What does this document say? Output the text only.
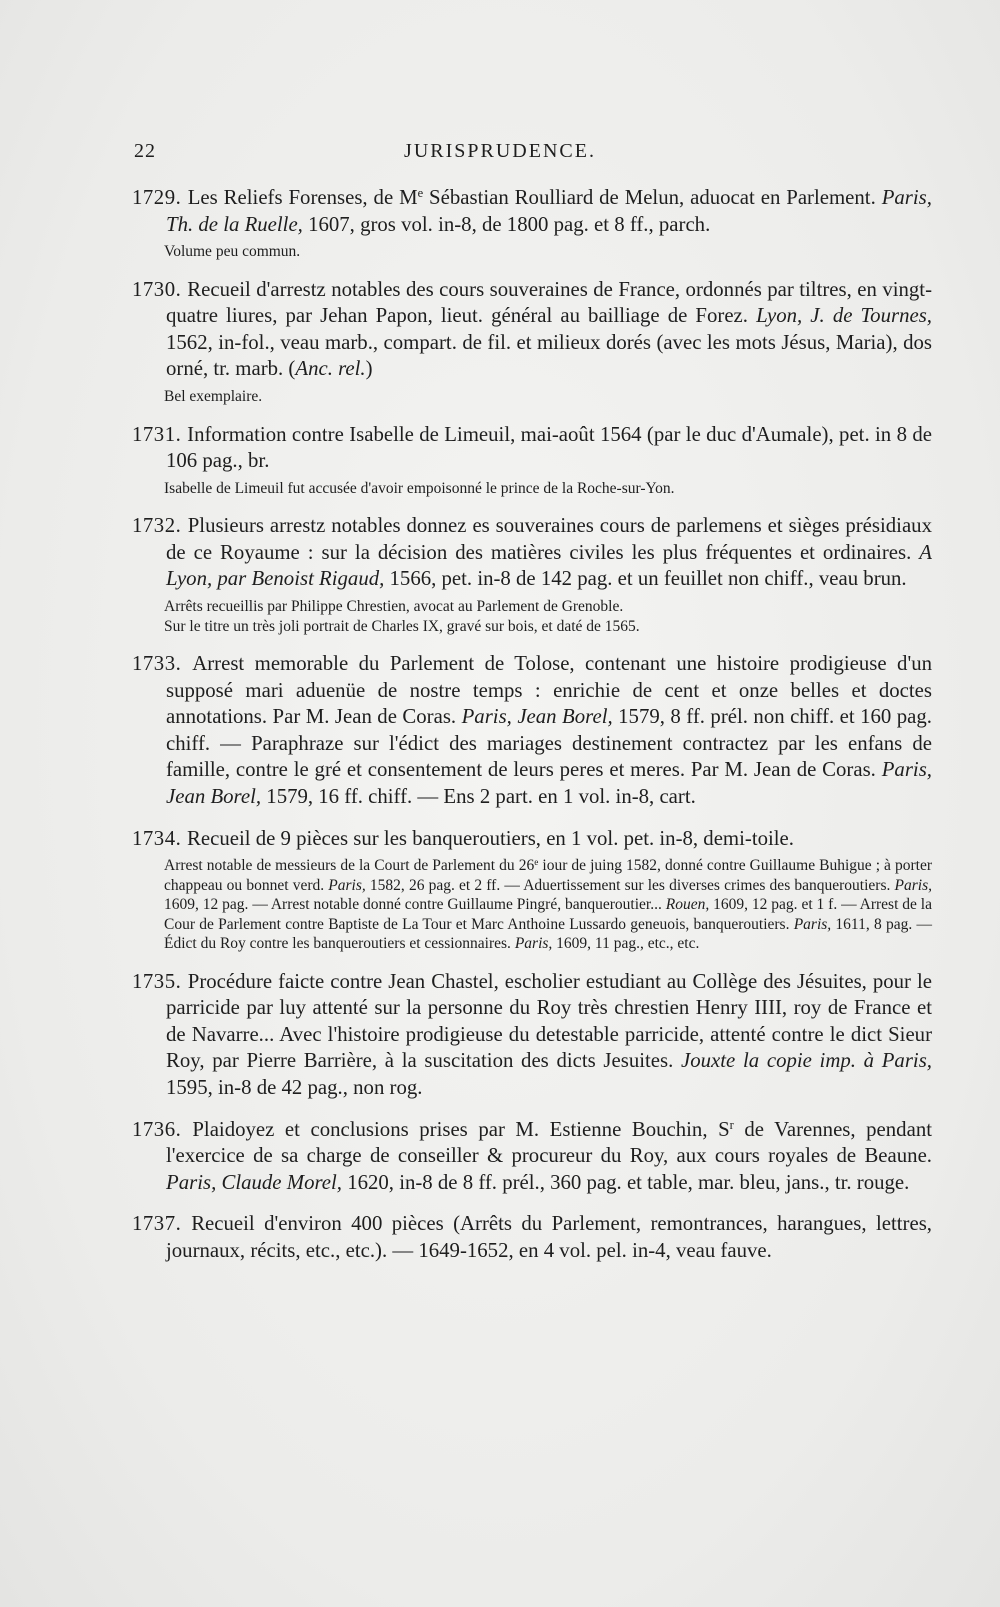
22	JURISPRUDENCE.

1729. Les Reliefs Forenses, de Me Sébastian Roulliard de Melun, aduocat en Parlement. Paris, Th. de la Ruelle, 1607, gros vol. in-8, de 1800 pag. et 8 ff., parch.

Volume peu commun.

1730. Recueil d'arrestz notables des cours souveraines de France, ordonnés par tiltres, en vingt-quatre liures, par Jehan Papon, lieut. général au bailliage de Forez. Lyon, J. de Tournes, 1562, in-fol., veau marb., compart. de fil. et milieux dorés (avec les mots Jésus, Maria), dos orné, tr. marb. (Anc. rel.)

Bel exemplaire.

1731. Information contre Isabelle de Limeuil, mai-août 1564 (par le duc d'Aumale), pet. in 8 de 106 pag., br.

Isabelle de Limeuil fut accusée d'avoir empoisonné le prince de la Roche-sur-Yon.

1732. Plusieurs arrestz notables donnez es souveraines cours de parlemens et sièges présidiaux de ce Royaume : sur la décision des matières civiles les plus fréquentes et ordinaires. A Lyon, par Benoist Rigaud, 1566, pet. in-8 de 142 pag. et un feuillet non chiff., veau brun.

Arrêts recueillis par Philippe Chrestien, avocat au Parlement de Grenoble.

Sur le titre un très joli portrait de Charles IX, gravé sur bois, et daté de 1565.

1733. Arrest memorable du Parlement de Tolose, contenant une histoire prodigieuse d'un supposé mari aduenüe de nostre temps : enrichie de cent et onze belles et doctes annotations. Par M. Jean de Coras. Paris, Jean Borel, 1579, 8 ff. prél. non chiff. et 160 pag. chiff. — Paraphraze sur l'édict des mariages destinement contractez par les enfans de famille, contre le gré et consentement de leurs peres et meres. Par M. Jean de Coras. Paris, Jean Borel, 1579, 16 ff. chiff. — Ens 2 part. en 1 vol. in-8, cart.

1734. Recueil de 9 pièces sur les banqueroutiers, en 1 vol. pet. in-8, demi-toile.

Arrest notable de messieurs de la Court de Parlement du 26e iour de juing 1582, donné contre Guillaume Buhigue ; à porter chappeau ou bonnet verd. Paris, 1582, 26 pag. et 2 ff. — Aduertissement sur les diverses crimes des banqueroutiers. Paris, 1609, 12 pag. — Arrest notable donné contre Guillaume Pingré, banqueroutier... Rouen, 1609, 12 pag. et 1 f. — Arrest de la Cour de Parlement contre Baptiste de La Tour et Marc Anthoine Lussardo geneuois, banqueroutiers. Paris, 1611, 8 pag. — Édict du Roy contre les banqueroutiers et cessionnaires. Paris, 1609, 11 pag., etc., etc.

1735. Procédure faicte contre Jean Chastel, escholier estudiant au Collège des Jésuites, pour le parricide par luy attenté sur la personne du Roy très chrestien Henry IIII, roy de France et de Navarre... Avec l'histoire prodigieuse du detestable parricide, attenté contre le dict Sieur Roy, par Pierre Barrière, à la suscitation des dicts Jesuites. Jouxte la copie imp. à Paris, 1595, in-8 de 42 pag., non rog.

1736. Plaidoyez et conclusions prises par M. Estienne Bouchin, $S^r$ de Varennes, pendant l'exercice de sa charge de conseiller & procureur du Roy, aux cours royales de Beaune. Paris, Claude Morel, 1620, in-8 de 8 ff. prél., 360 pag. et table, mar. bleu, jans., tr. rouge.

1737. Recueil d'environ 400 pièces (Arrêts du Parlement, remontrances, harangues, lettres, journaux, récits, etc., etc.). — 1649-1652, en 4 vol. pel. in-4, veau fauve.
